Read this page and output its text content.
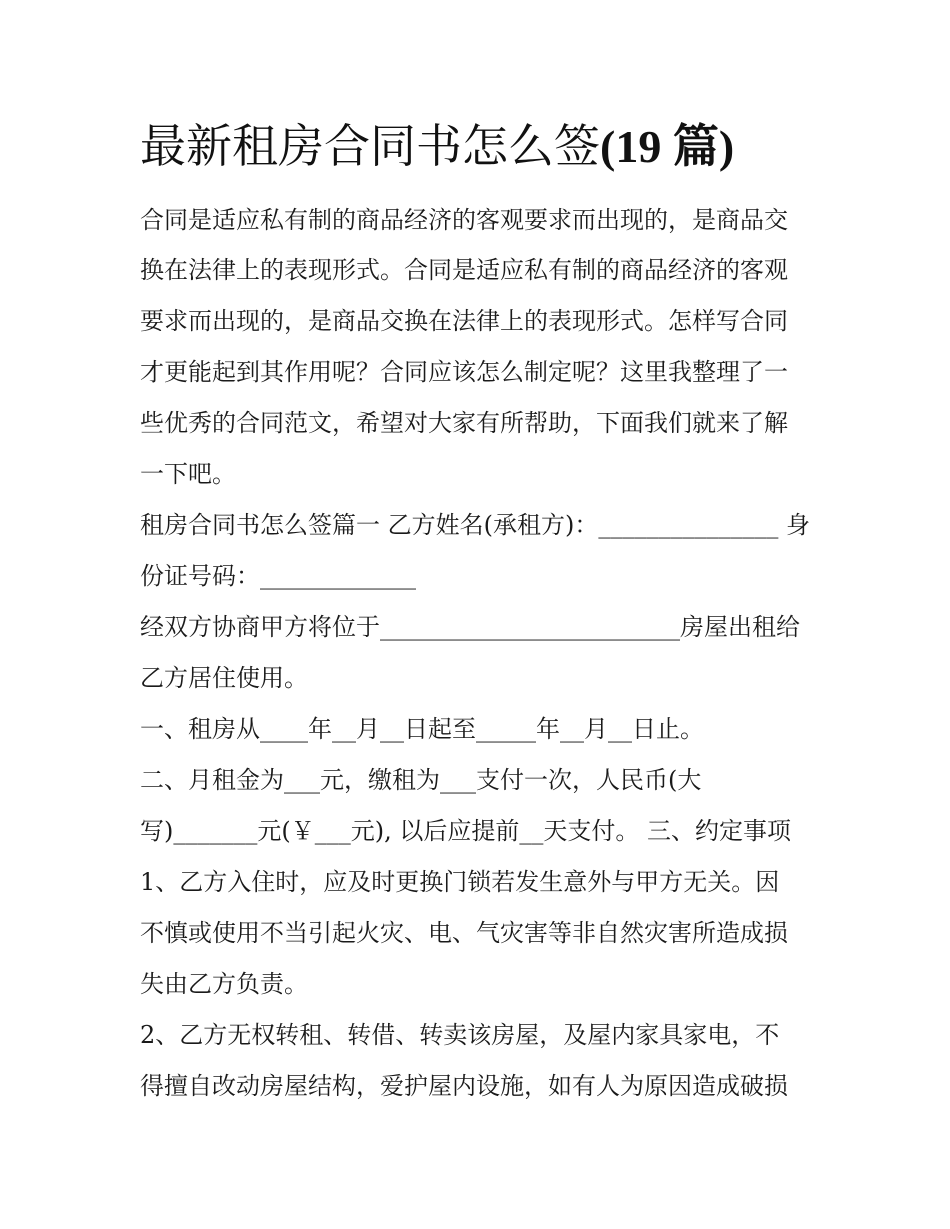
最新租房合同书怎么签(19 篇)

合同是适应私有制的商品经济的客观要求而出现的，是商品交

换在法律上的表现形式。合同是适应私有制的商品经济的客观

要求而出现的，是商品交换在法律上的表现形式。怎样写合同

才更能起到其作用呢？合同应该怎么制定呢？这里我整理了一

些优秀的合同范文，希望对大家有所帮助，下面我们就来了解

一下吧。

租房合同书怎么签篇一 乙方姓名(承租方)：_______________ 身

份证号码：_____________

经双方协商甲方将位于_________________________房屋出租给

乙方居住使用。

一、租房从____年__月__日起至_____年__月__日止。

二、月租金为___元，缴租为___支付一次，人民币(大

写)_______元(￥___元), 以后应提前__天支付。 三、约定事项

1、乙方入住时，应及时更换门锁若发生意外与甲方无关。因

不慎或使用不当引起火灾、电、气灾害等非自然灾害所造成损

失由乙方负责。

2、乙方无权转租、转借、转卖该房屋，及屋内家具家电，不

得擅自改动房屋结构，爱护屋内设施，如有人为原因造成破损
